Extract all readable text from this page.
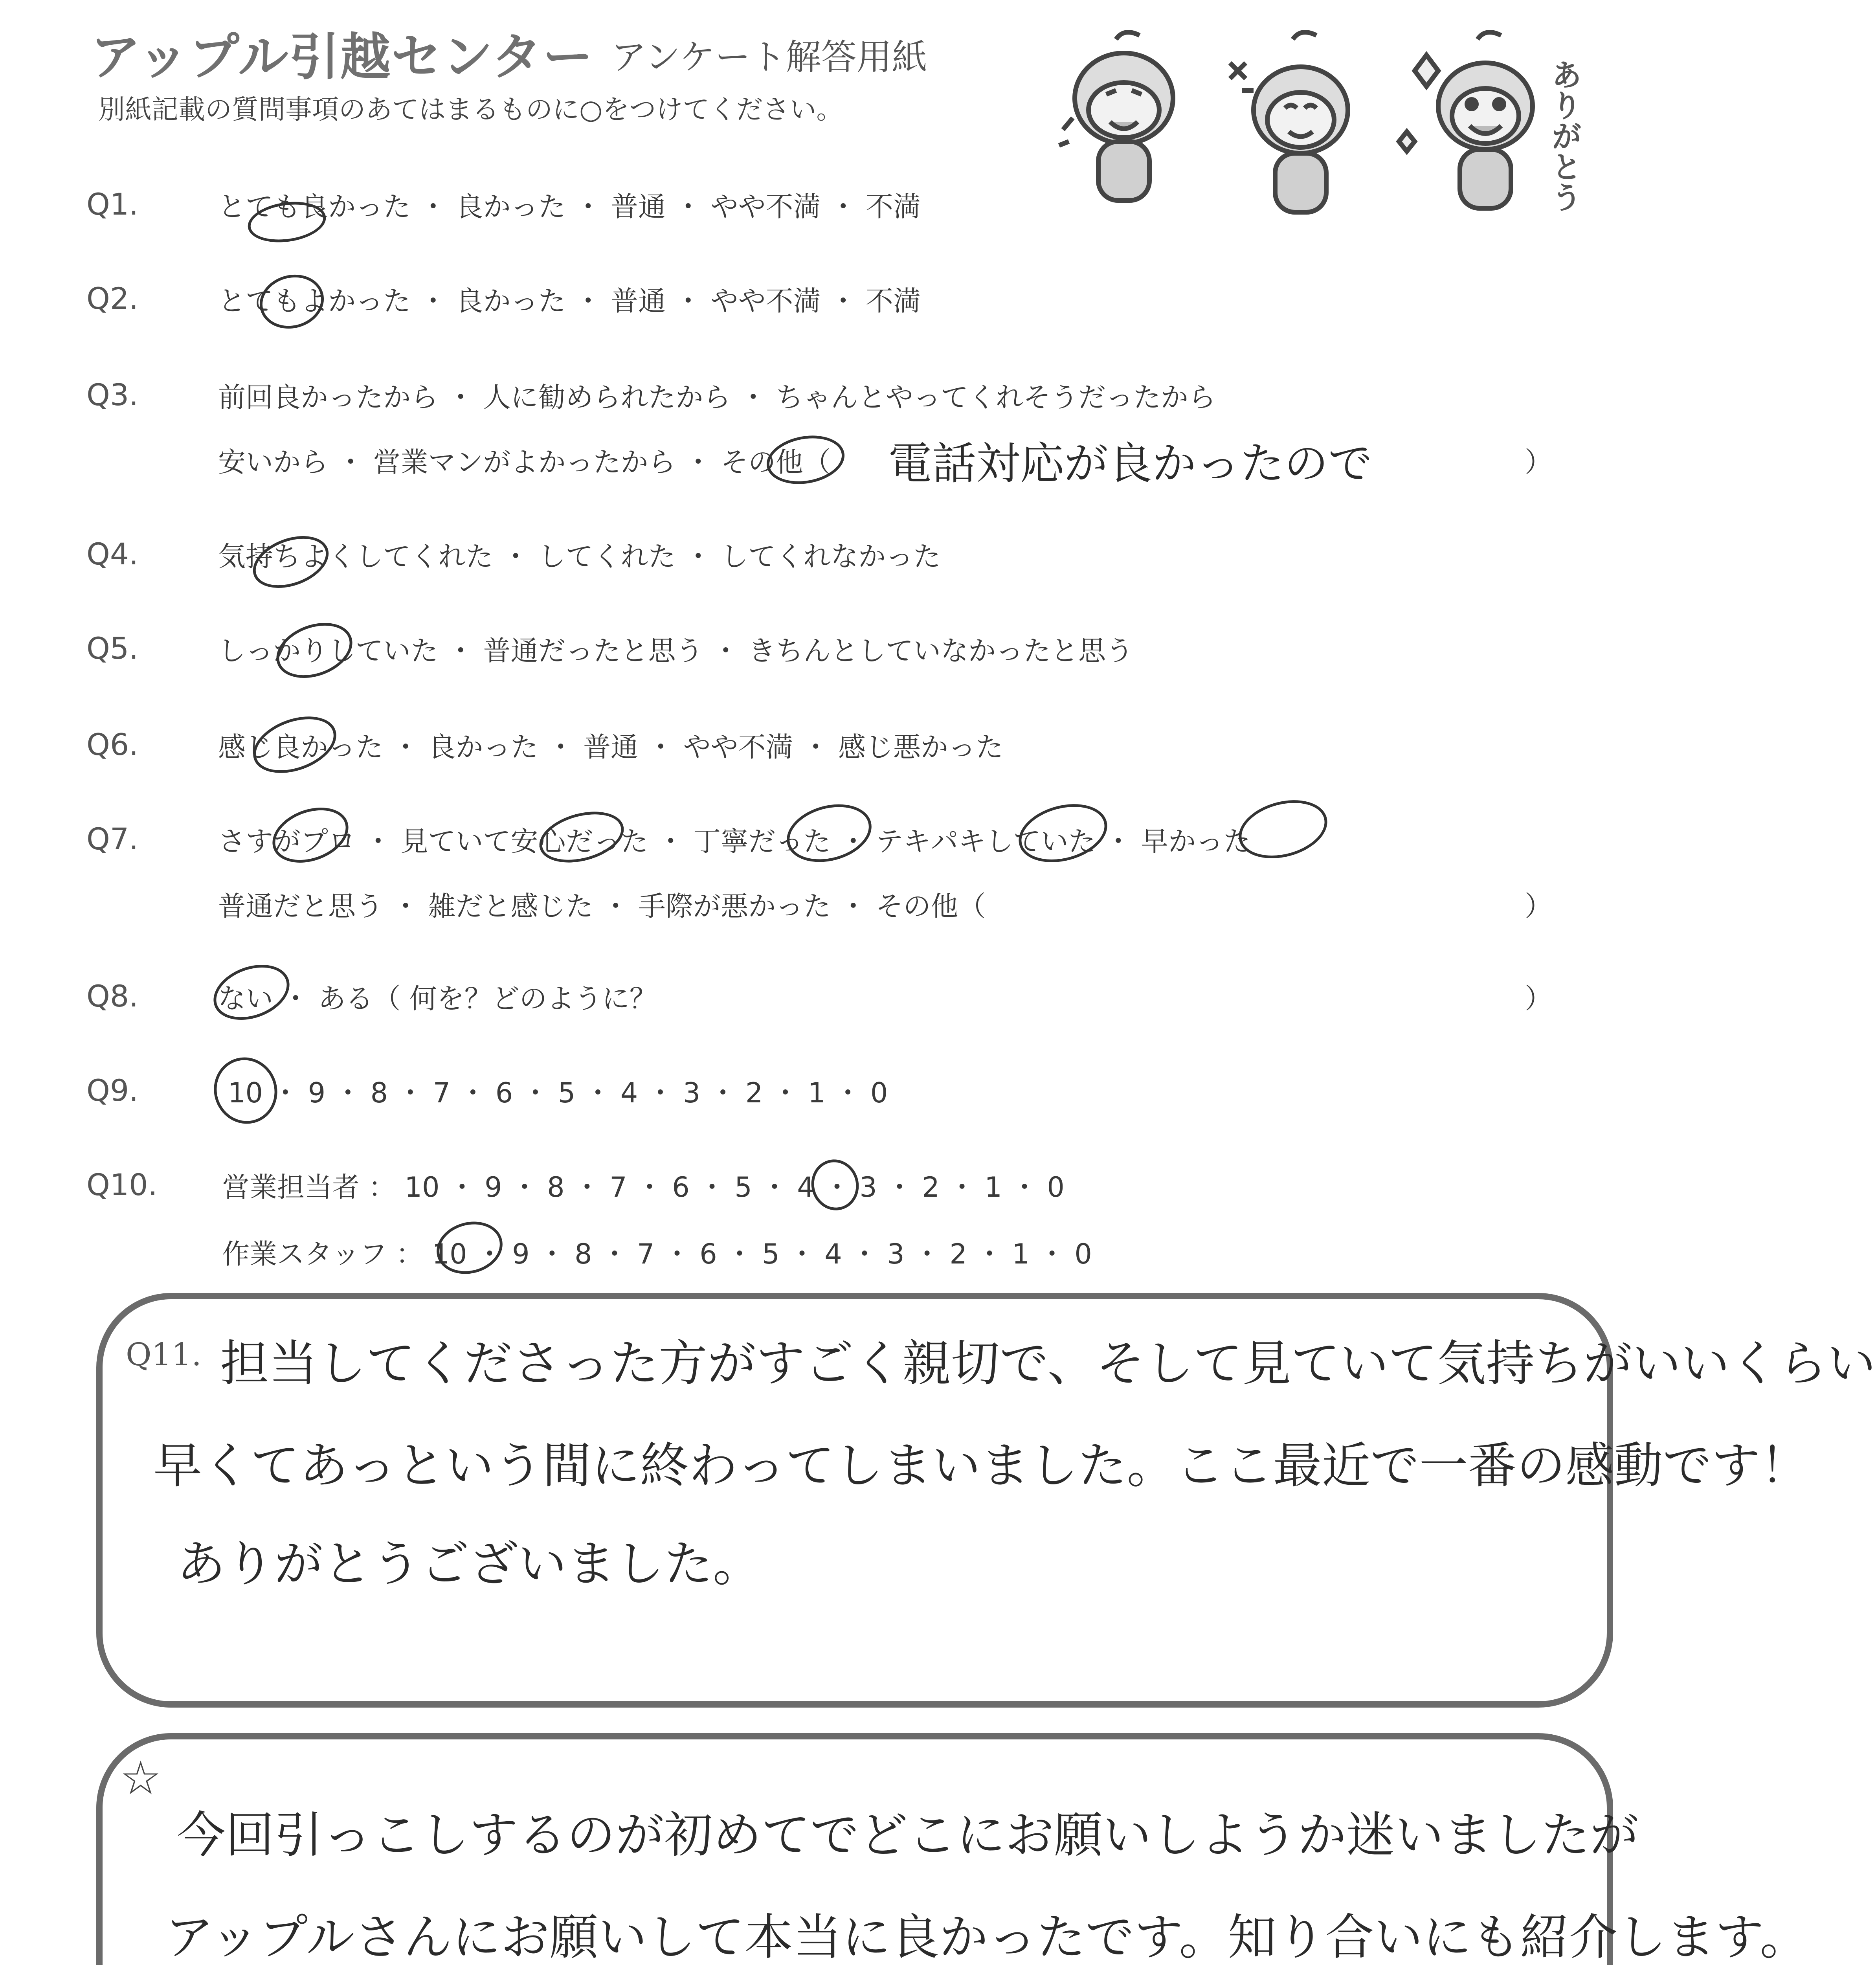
アップル引越センター アンケート解答用紙
別紙記載の質問事項のあてはまるものに○をつけてください。	ありがとう
Q1.	とても良かった ・ 良かった ・ 普通 ・ やや不満 ・ 不満
Q2.	とてもよかった ・ 良かった ・ 普通 ・ やや不満 ・ 不満
Q3.	前回良かったから ・ 人に勧められたから ・ ちゃんとやってくれそうだったから
安いから ・ 営業マンがよかったから ・ その他（ 電話対応が良かったので	）
Q4.	気持ちよくしてくれた ・ してくれた ・ してくれなかった
Q5.	しっかりしていた ・ 普通だったと思う ・ きちんとしていなかったと思う
Q6.	感じ良かった ・ 良かった ・ 普通 ・ やや不満 ・ 感じ悪かった
Q7.	さすがプロ ・ 見ていて安心だった ・ 丁寧だった ・ テキパキしていた ・ 早かった
普通だと思う ・ 雑だと感じた ・ 手際が悪かった ・ その他（	）
Q8.	ない ・ ある（ 何を？どのように？	）
Q9.	10 ・ 9 ・ 8 ・ 7 ・ 6 ・ 5 ・ 4 ・ 3 ・ 2 ・ 1 ・ 0
Q10. 営業担当者 ： 10 ・ 9 ・ 8 ・ 7 ・ 6 ・ 5 ・ 4 ・ 3 ・ 2 ・ 1 ・ 0
作業スタッフ ： 10 ・ 9 ・ 8 ・ 7 ・ 6 ・ 5 ・ 4 ・ 3 ・ 2 ・ 1 ・ 0
Q11. 担当してくださった方がすごく親切で、そして見ていて気持ちがいいくらい
早くてあっという間に終わってしまいました。ここ最近で一番の感動です！
ありがとうございました。
☆
今回引っこしするのが初めてでどこにお願いしようか迷いましたが
アップルさんにお願いして本当に良かったです。知り合いにも紹介します。
